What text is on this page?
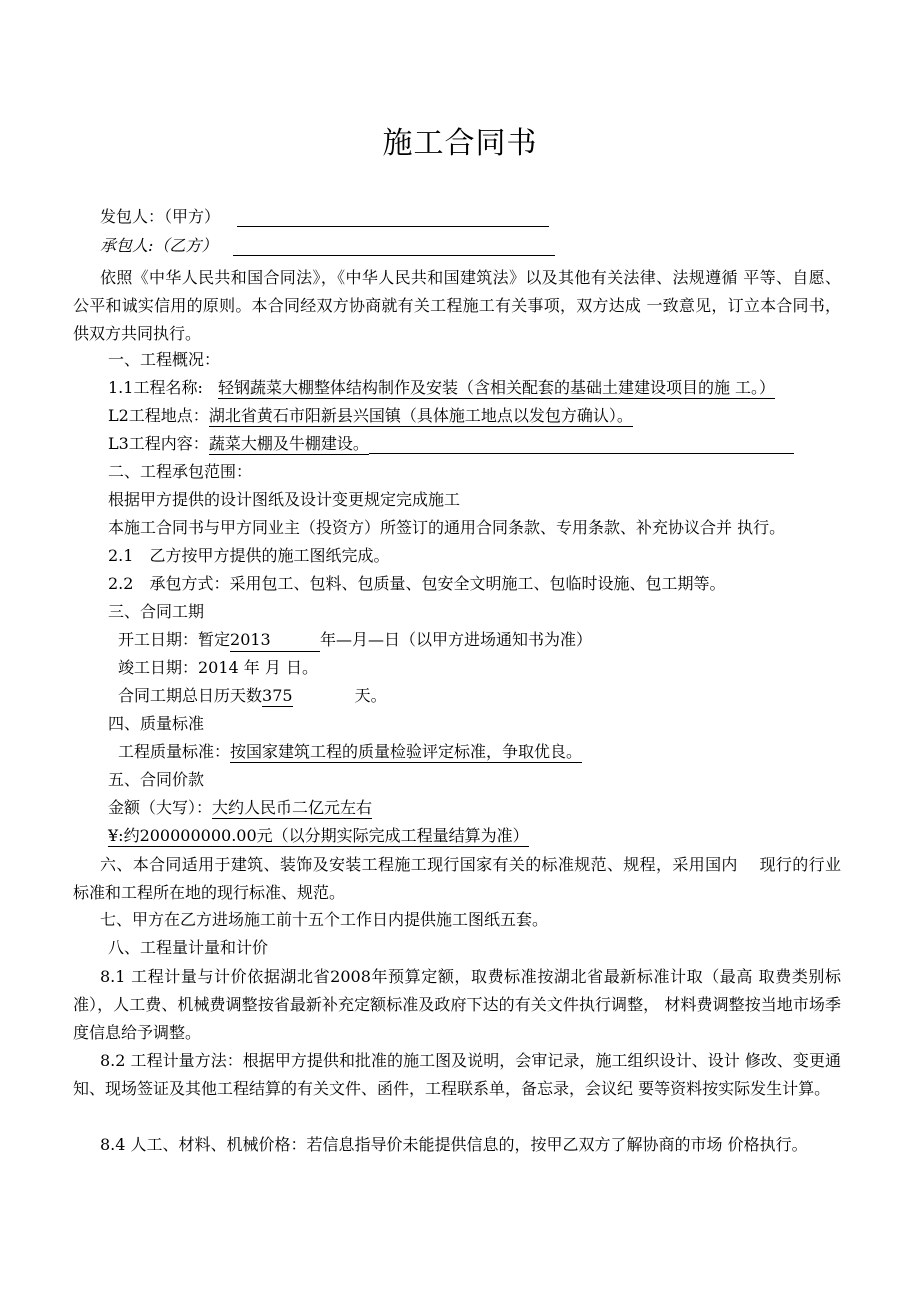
施工合同书
发包人：（甲方）
承包人:（乙方）
依照《中华人民共和国合同法》，《中华人民共和国建筑法》以及其他有关法律、法规遵循 平等、自愿、公平和诚实信用的原则。本合同经双方协商就有关工程施工有关事项，双方达成 一致意见，订立本合同书，供双方共同执行。
一、工程概况：
1.1工程名称: 轻钢蔬菜大棚整体结构制作及安装（含相关配套的基础土建建设项目的施 工。）
L2工程地点：湖北省黄石市阳新县兴国镇（具体施工地点以发包方确认）。
L3工程内容：蔬菜大棚及牛棚建设。
二、工程承包范围：
根据甲方提供的设计图纸及设计变更规定完成施工
本施工合同书与甲方同业主（投资方）所签订的通用合同条款、专用条款、补充协议合并 执行。
2.1　乙方按甲方提供的施工图纸完成。
2.2　承包方式：采用包工、包料、包质量、包安全文明施工、包临时设施、包工期等。
三、合同工期
开工日期：暂定2013	年—月—日（以甲方进场通知书为准）
竣工日期：2014 年 月 日。
合同工期总日历天数375	天。
四、质量标准
工程质量标准：按国家建筑工程的质量检验评定标准，争取优良。
五、合同价款
金额（大写）：大约人民币二亿元左右
¥:约200000000.00元（以分期实际完成工程量结算为准）
六、本合同适用于建筑、装饰及安装工程施工现行国家有关的标准规范、规程，采用国内　 现行的行业标准和工程所在地的现行标准、规范。
七、甲方在乙方进场施工前十五个工作日内提供施工图纸五套。
八、工程量计量和计价
8.1 工程计量与计价依据湖北省2008年预算定额，取费标准按湖北省最新标准计取（最高 取费类别标准），人工费、机械费调整按省最新补充定额标准及政府下达的有关文件执行调整， 材料费调整按当地市场季度信息给予调整。
8.2 工程计量方法：根据甲方提供和批准的施工图及说明，会审记录，施工组织设计、设计 修改、变更通知、现场签证及其他工程结算的有关文件、函件，工程联系单，备忘录，会议纪 要等资料按实际发生计算。
8.4 人工、材料、机械价格：若信息指导价未能提供信息的，按甲乙双方了解协商的市场 价格执行。
